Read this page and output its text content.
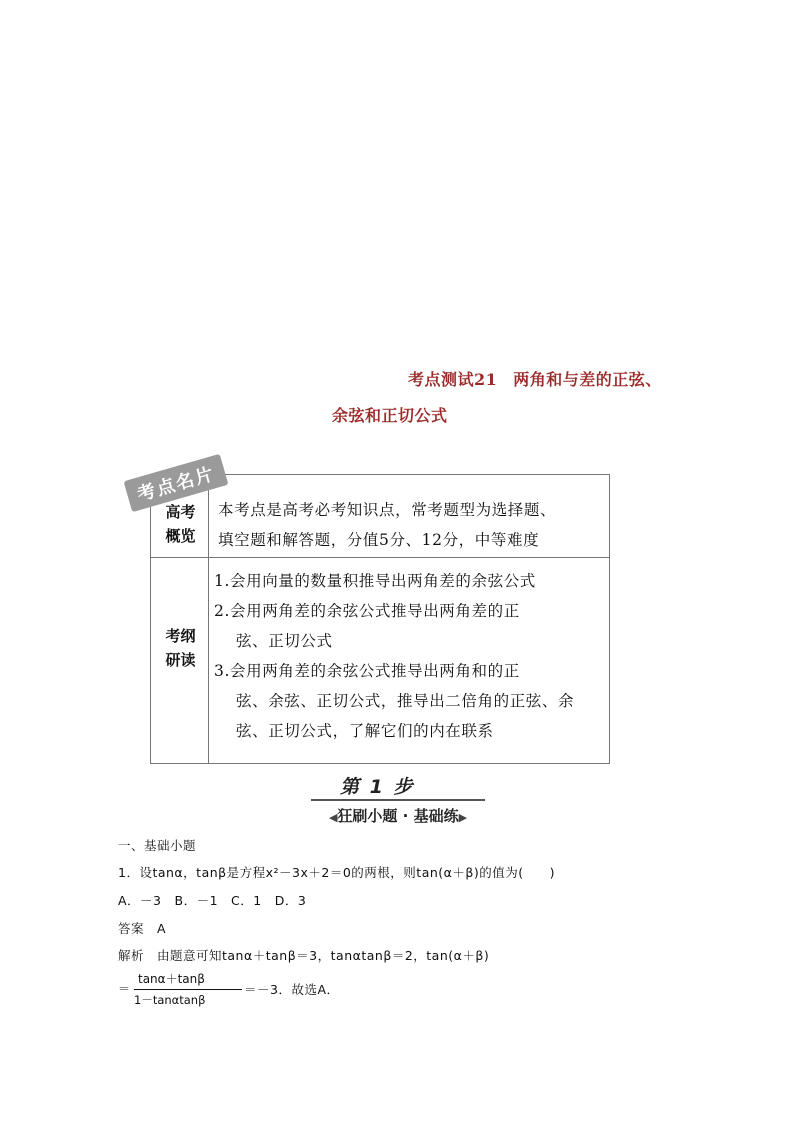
考点测试21 两角和与差的正弦、
余弦和正切公式
考点名片
高考
概览
本考点是高考必考知识点，常考题型为选择题、
填空题和解答题，分值5分、12分，中等难度
考纲
研读
1.会用向量的数量积推导出两角差的余弦公式
2.会用两角差的余弦公式推导出两角差的正
弦、正切公式
3.会用两角差的余弦公式推导出两角和的正
弦、余弦、正切公式，推导出二倍角的正弦、余
弦、正切公式，了解它们的内在联系
第 1 步
◀狂刷小题 · 基础练▶
一、基础小题
1．设tanα，tanβ是方程x²－3x＋2＝0的两根，则tan(α＋β)的值为(　　)
A．－3　B．－1　C．1　D．3
答案　A
解析　由题意可知tanα＋tanβ＝3，tanαtanβ＝2，tan(α＋β)
＝
tanα＋tanβ
1－tanαtanβ
＝－3．故选A．
